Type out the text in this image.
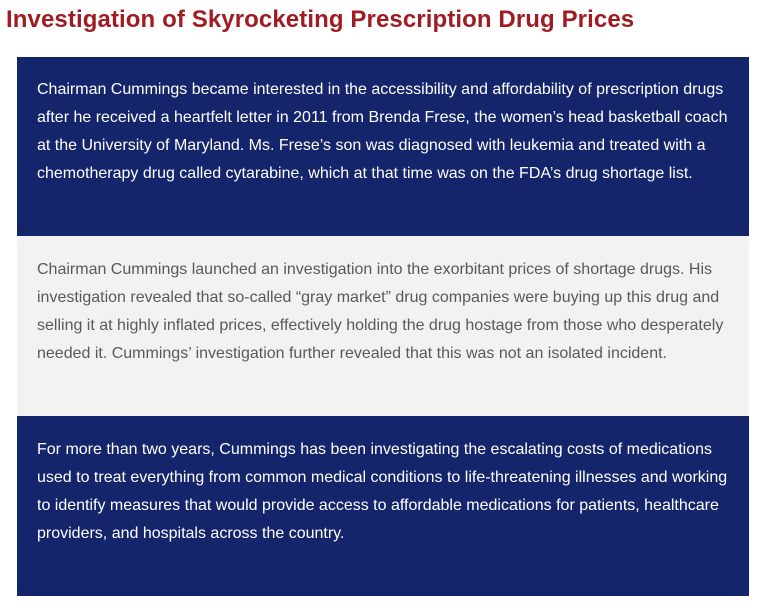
Investigation of Skyrocketing Prescription Drug Prices

Chairman Cummings became interested in the accessibility and affordability of prescription drugs after he received a heartfelt letter in 2011 from Brenda Frese, the women’s head basketball coach at the University of Maryland. Ms. Frese’s son was diagnosed with leukemia and treated with a chemotherapy drug called cytarabine, which at that time was on the FDA’s drug shortage list.

Chairman Cummings launched an investigation into the exorbitant prices of shortage drugs. His investigation revealed that so-called “gray market” drug companies were buying up this drug and selling it at highly inflated prices, effectively holding the drug hostage from those who desperately needed it. Cummings’ investigation further revealed that this was not an isolated incident.

For more than two years, Cummings has been investigating the escalating costs of medications used to treat everything from common medical conditions to life-threatening illnesses and working to identify measures that would provide access to affordable medications for patients, healthcare providers, and hospitals across the country.
